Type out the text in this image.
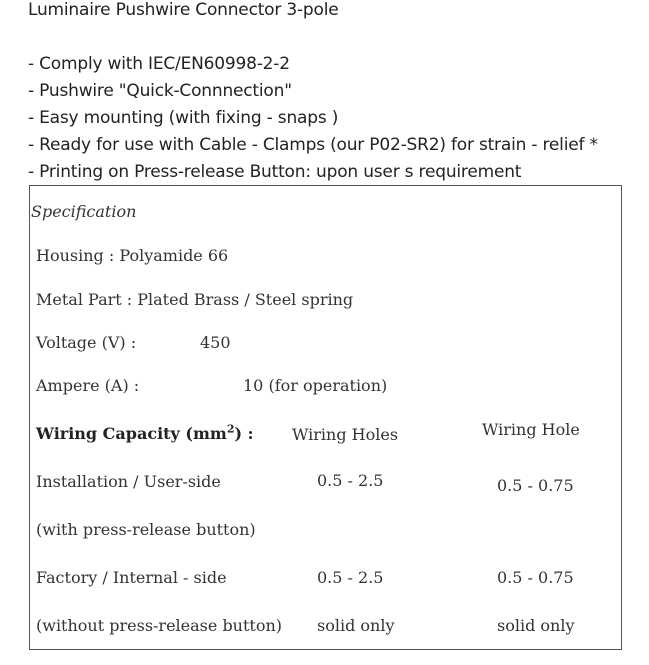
Luminaire Pushwire Connector 3-pole
- Comply with IEC/EN60998-2-2
- Pushwire "Quick-Connnection"
- Easy mounting (with fixing - snaps )
- Ready for use with Cable - Clamps (our P02-SR2) for strain - relief *
- Printing on Press-release Button: upon user s requirement
Specification
Housing : Polyamide 66
Metal Part : Plated Brass / Steel spring
Voltage (V) :	450
Ampere (A) :	10 (for operation)
Wiring Capacity $(mm^2)$ : Wiring Holes	Wiring Hole
Installation / User-side	0.5 - 2.5	0.5 - 0.75
(with press-release button)
Factory / Internal - side	0.5 - 2.5	0.5 - 0.75
(without press-release button) solid only	solid only
